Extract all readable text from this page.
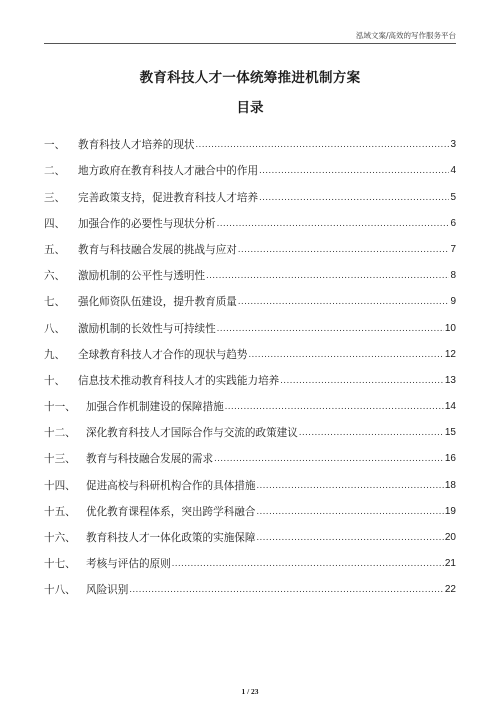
泓域文案/高效的写作服务平台
教育科技人才一体统筹推进机制方案
目录
一、	教育科技人才培养的现状 .....	3
二、	地方政府在教育科技人才融合中的作用 .....	4
三、	完善政策支持，促进教育科技人才培养 .....	5
四、	加强合作的必要性与现状分析 .....	6
五、	教育与科技融合发展的挑战与应对 .....	7
六、	激励机制的公平性与透明性 .....	8
七、	强化师资队伍建设，提升教育质量 .....	9
八、	激励机制的长效性与可持续性 .....	10
九、	全球教育科技人才合作的现状与趋势 .....	12
十、	信息技术推动教育科技人才的实践能力培养 .....	13
十一、 加强合作机制建设的保障措施 .....	14
十二、 深化教育科技人才国际合作与交流的政策建议 .....	15
十三、 教育与科技融合发展的需求 .....	16
十四、 促进高校与科研机构合作的具体措施 .....	18
十五、 优化教育课程体系，突出跨学科融合 .....	19
十六、 教育科技人才一体化政策的实施保障 .....	20
十七、 考核与评估的原则 .....	21
十八、 风险识别 .....	22
1 / 23
